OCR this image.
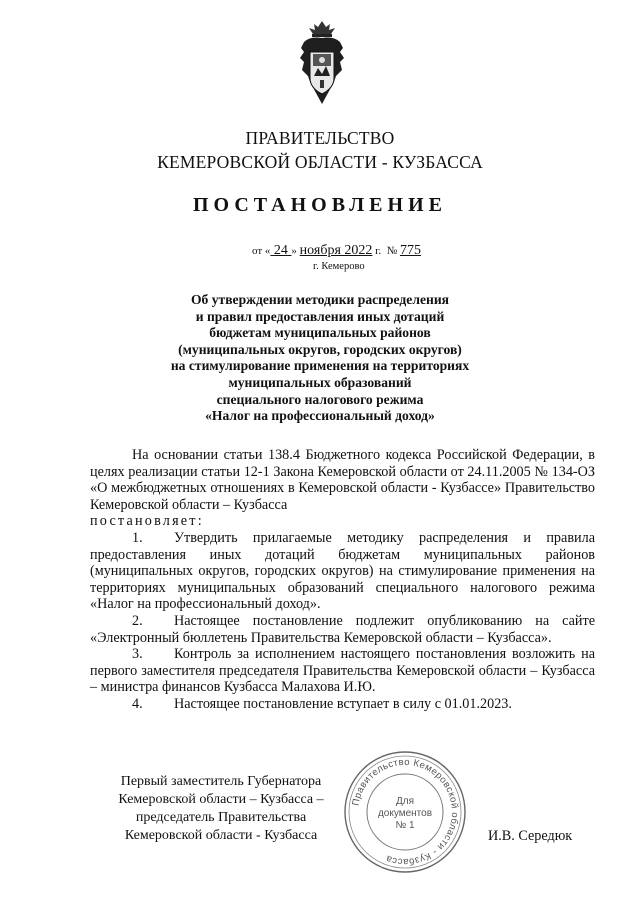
ПРАВИТЕЛЬСТВО
КЕМЕРОВСКОЙ ОБЛАСТИ - КУЗБАССА
ПОСТАНОВЛЕНИЕ
от « 24 » ноября 2022 г. № 775
г. Кемерово
Об утверждении методики распределения
и правил предоставления иных дотаций
бюджетам муниципальных районов
(муниципальных округов, городских округов)
на стимулирование применения на территориях
муниципальных образований
специального налогового режима
«Налог на профессиональный доход»

На основании статьи 138.4 Бюджетного кодекса Российской Федерации, в целях реализации статьи 12-1 Закона Кемеровской области от 24.11.2005 № 134-ОЗ «О межбюджетных отношениях в Кемеровской области - Кузбассе» Правительство Кемеровской области – Кузбасса

постановляет:

1. Утвердить прилагаемые методику распределения и правила предоставления иных дотаций бюджетам муниципальных районов (муниципальных округов, городских округов) на стимулирование применения на территориях муниципальных образований специального налогового режима «Налог на профессиональный доход».

2. Настоящее постановление подлежит опубликованию на сайте «Электронный бюллетень Правительства Кемеровской области – Кузбасса».

3. Контроль за исполнением настоящего постановления возложить на первого заместителя председателя Правительства Кемеровской области – Кузбасса – министра финансов Кузбасса Малахова И.Ю.

4. Настоящее постановление вступает в силу с 01.01.2023.

Первый заместитель Губернатора
Кемеровской области – Кузбасса –
председатель Правительства
Кемеровской области - Кузбасса
Правительство Кемеровской области - Кузбасса
Для
документов
№ 1
И.В. Середюк
